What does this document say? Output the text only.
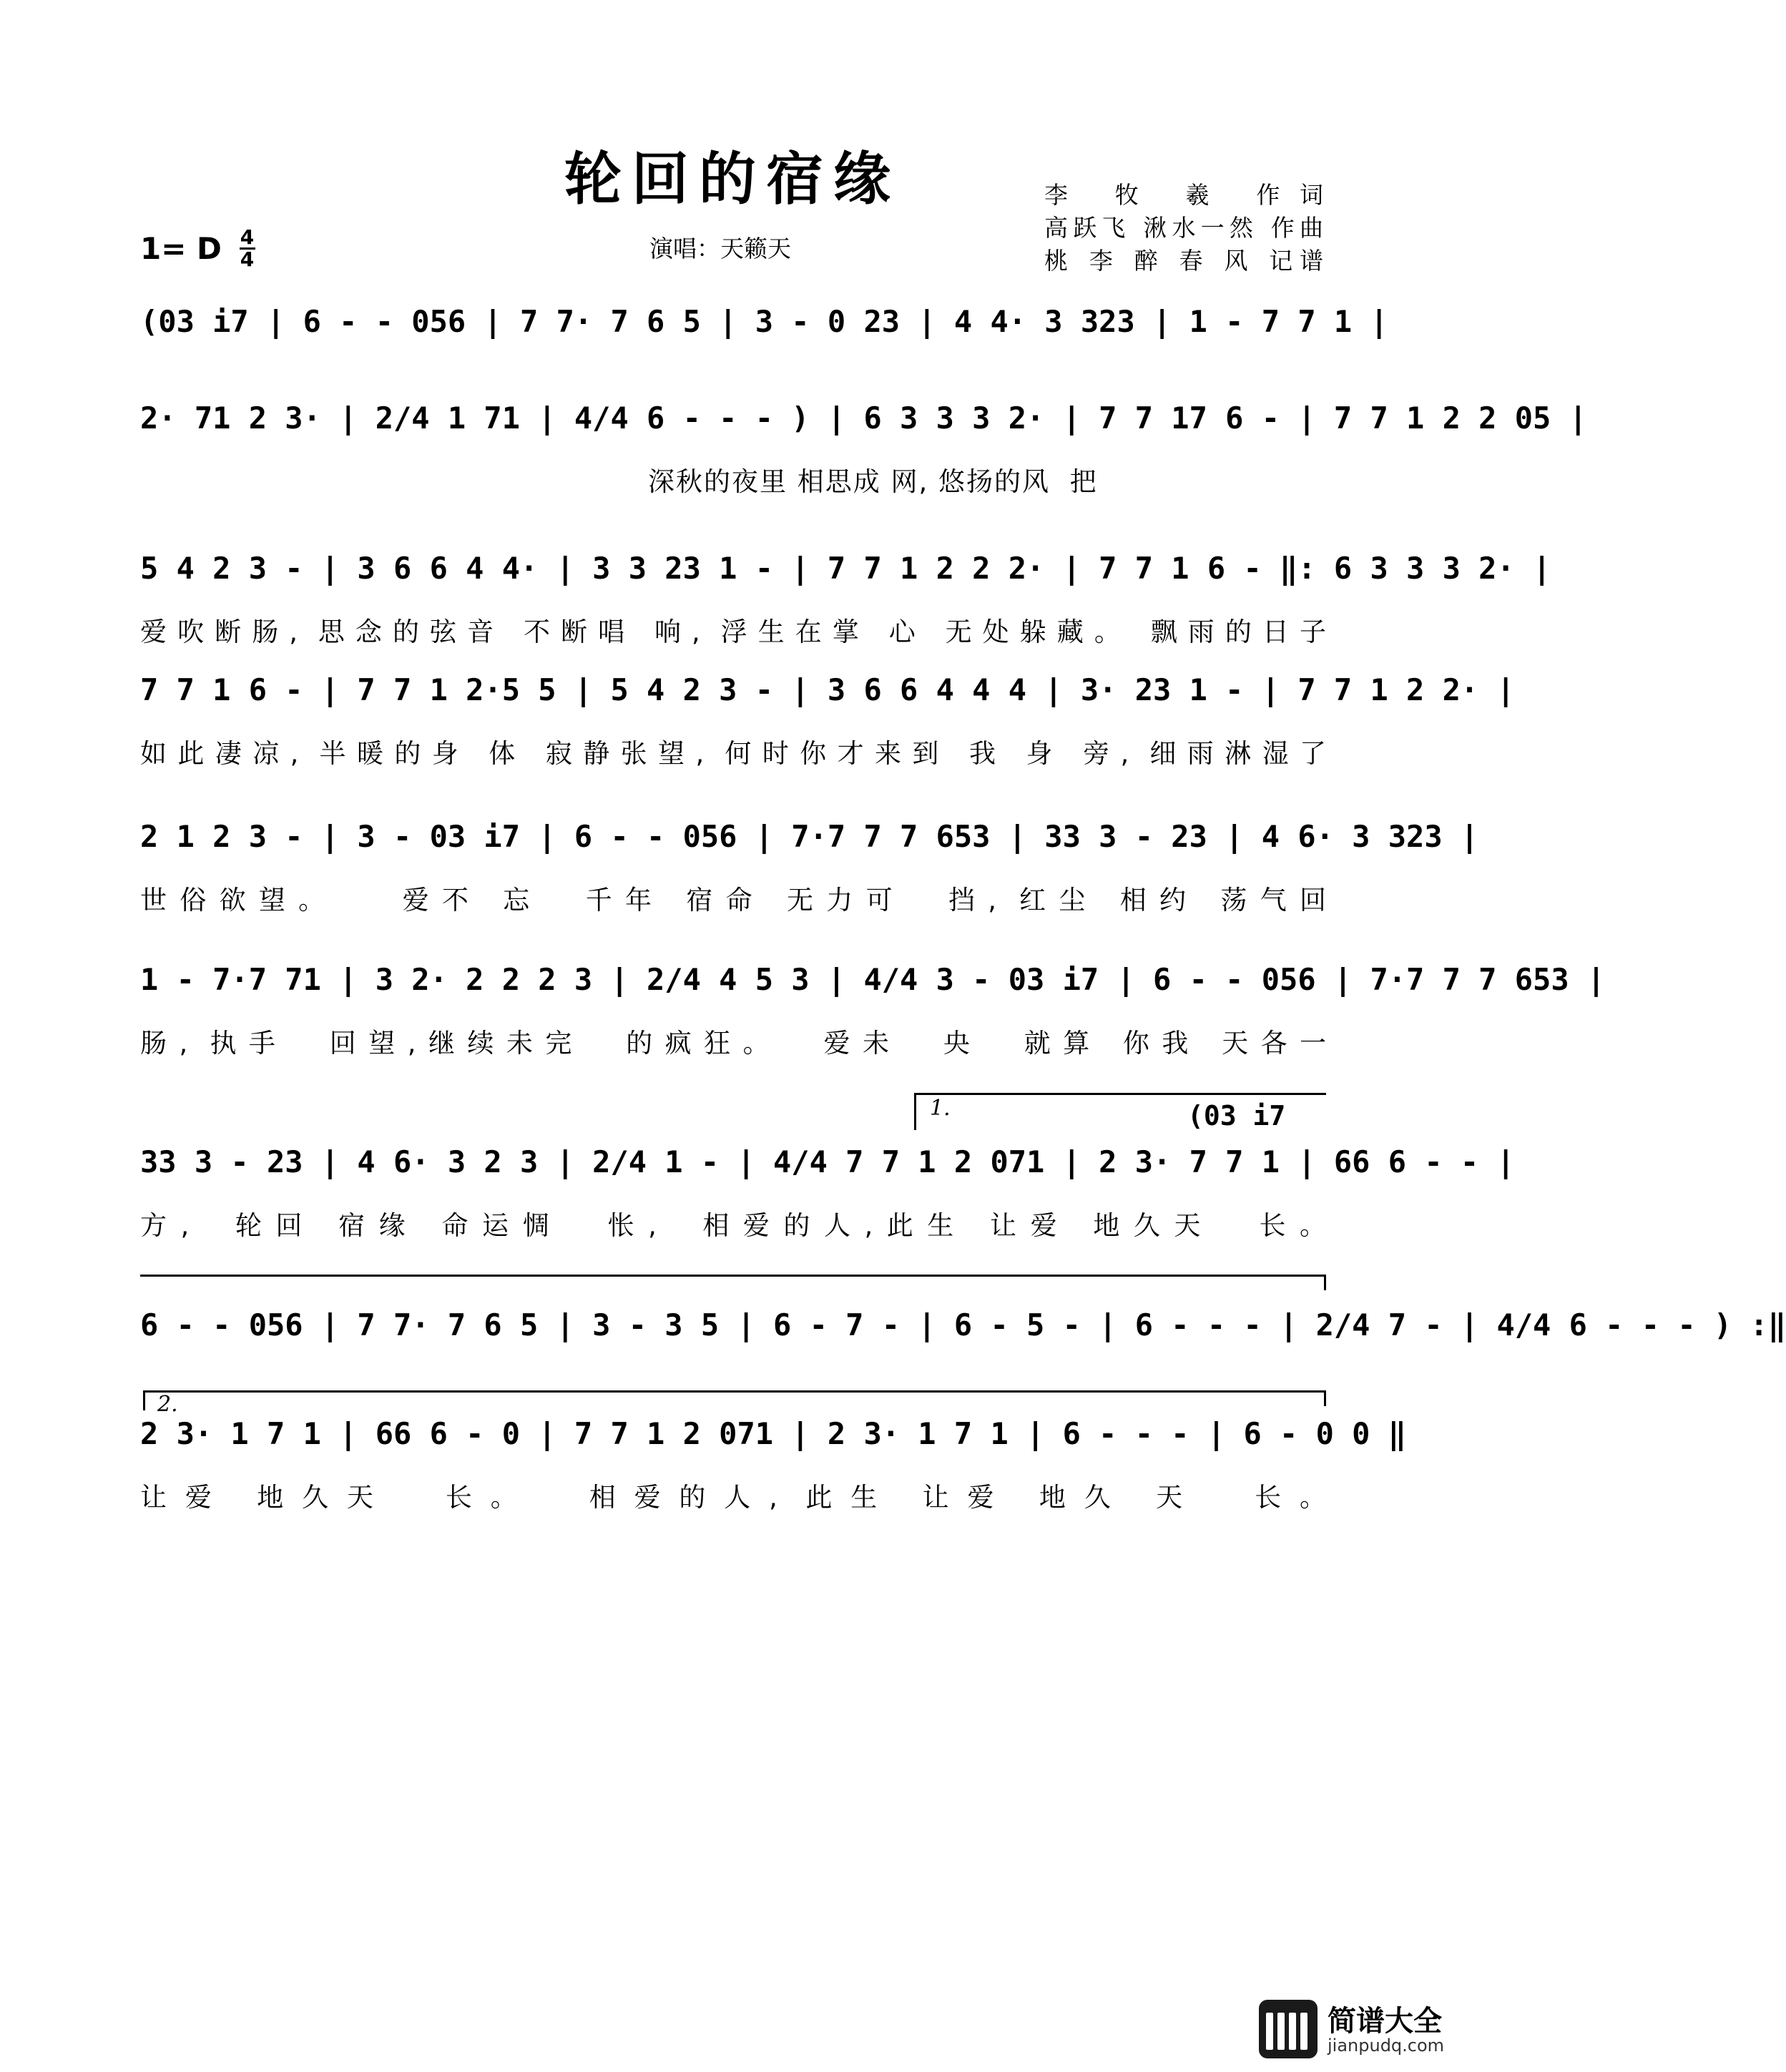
轮回的宿缘	李 牧 羲 作词
高跃飞 湫水一然 作曲
桃 李 醉 春 风 记谱
1= D $\frac{4}{4}$	演唱：天籁天
(03 i7 | 6 - - 056 | 7 7· 7 6 5 | 3 - 0 23 | 4 4· 3 323 | 1 - 7 7 1 |
2· 71 2 3· | 2/4 1 71 | 4/4 6 - - - ) | 6 3 3 3 2· | 7 7 17 6 - | 7 7 1 2 2 05 |
深秋的夜里 相思成 网, 悠扬的风  把
5 4 2 3 - | 3 6 6 4 4· | 3 3 23 1 - | 7 7 1 2 2 2· | 7 7 1 6 - ‖: 6 3 3 3 2· |
爱吹断肠, 思念的弦音 不断唱 响, 浮生在掌 心 无处躲藏。 飘雨的日子
7 7 1 6 - | 7 7 1 2·5 5 | 5 4 2 3 - | 3 6 6 4 4 4 | 3· 23 1 - | 7 7 1 2 2· |
如此凄凉, 半暖的身 体 寂静张望, 何时你才来到 我 身 旁, 细雨淋湿了
2 1 2 3 - | 3 - 03 i7 | 6 - - 056 | 7·7 7 7 653 | 33 3 - 23 | 4 6· 3 323 |
世俗欲望。   爱不 忘  千年 宿命 无力可  挡, 红尘 相约 荡气回
1 - 7·7 71 | 3 2· 2 2 2 3 | 2/4 4 5 3 | 4/4 3 - 03 i7 | 6 - - 056 | 7·7 7 7 653 |
肠, 执手  回望,继续未完  的疯狂。  爱未  央  就算 你我 天各一
1.	(03 i7
33 3 - 23 | 4 6· 3 2 3 | 2/4 1 - | 4/4 7 7 1 2 071 | 2 3· 7 7 1 | 66 6 - - |
方,  轮回 宿缘 命运惆  怅,  相爱的人,此生 让爱 地久天  长。
6 - - 056 | 7 7· 7 6 5 | 3 - 3 5 | 6 - 7 - | 6 - 5 - | 6 - - - | 2/4 7 - | 4/4 6 - - - ) :‖
2.
2 3· 1 7 1 | 66 6 - 0 | 7 7 1 2 071 | 2 3· 1 7 1 | 6 - - - | 6 - 0 0 ‖
让爱 地久天  长。  相爱的人, 此生 让爱 地久 天  长。
简谱大全
jianpudq.com
